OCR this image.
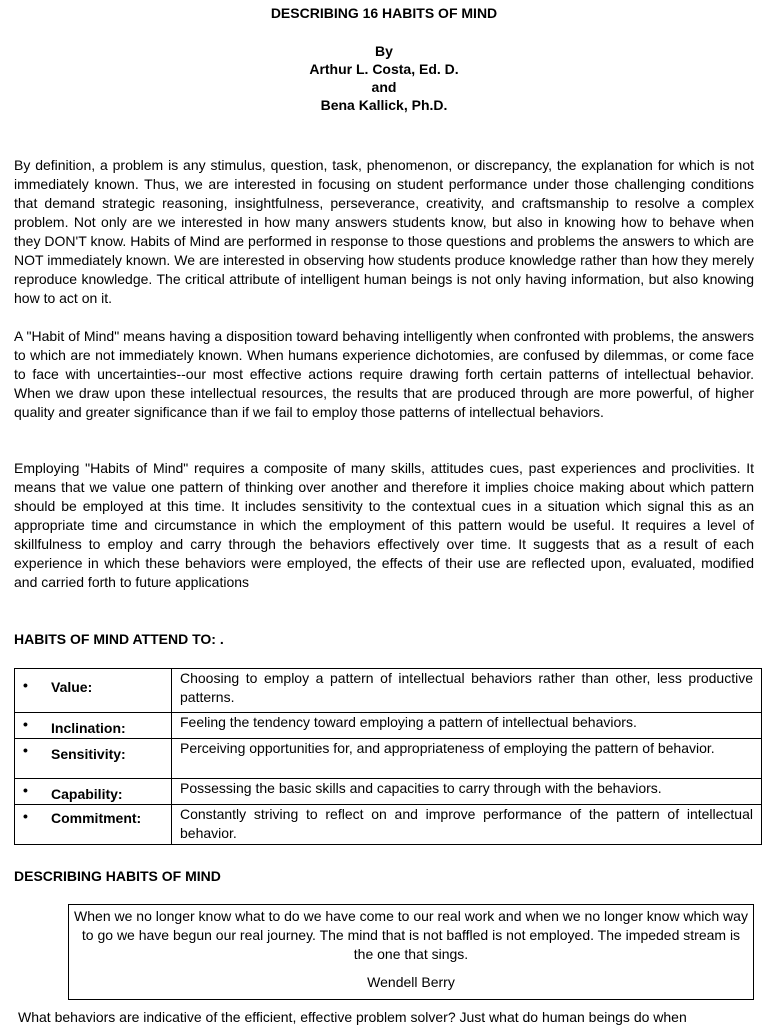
DESCRIBING 16 HABITS OF MIND
By
Arthur L. Costa, Ed. D.
and
Bena Kallick, Ph.D.

By definition, a problem is any stimulus, question, task, phenomenon, or discrepancy, the explanation for which is not immediately known. Thus, we are interested in focusing on student performance under those challenging conditions that demand strategic reasoning, insightfulness, perseverance, creativity, and craftsmanship to resolve a complex problem. Not only are we interested in how many answers students know, but also in knowing how to behave when they DON'T know. Habits of Mind are performed in response to those questions and problems the answers to which are NOT immediately known. We are interested in observing how students produce knowledge rather than how they merely reproduce knowledge. The critical attribute of intelligent human beings is not only having information, but also knowing how to act on it.

A "Habit of Mind" means having a disposition toward behaving intelligently when confronted with problems, the answers to which are not immediately known. When humans experience dichotomies, are confused by dilemmas, or come face to face with uncertainties--our most effective actions require drawing forth certain patterns of intellectual behavior. When we draw upon these intellectual resources, the results that are produced through are more powerful, of higher quality and greater significance than if we fail to employ those patterns of intellectual behaviors.

Employing "Habits of Mind" requires a composite of many skills, attitudes cues, past experiences and proclivities. It means that we value one pattern of thinking over another and therefore it implies choice making about which pattern should be employed at this time. It includes sensitivity to the contextual cues in a situation which signal this as an appropriate time and circumstance in which the employment of this pattern would be useful. It requires a level of skillfulness to employ and carry through the behaviors effectively over time. It suggests that as a result of each experience in which these behaviors were employed, the effects of their use are reflected upon, evaluated, modified and carried forth to future applications

HABITS OF MIND ATTEND TO: .
• Value:	Choosing to employ a pattern of intellectual behaviors rather than other, less productive patterns.

• Inclination:	Feeling the tendency toward employing a pattern of intellectual behaviors.

• Sensitivity:	Perceiving opportunities for, and appropriateness of employing the pattern of behavior.

• Capability:	Possessing the basic skills and capacities to carry through with the behaviors.

• Commitment:	Constantly striving to reflect on and improve performance of the pattern of intellectual behavior.
DESCRIBING HABITS OF MIND
When we no longer know what to do we have come to our real work and when we no longer know which way to go we have begun our real journey. The mind that is not baffled is not employed. The impeded stream is the one that sings.
Wendell Berry
What behaviors are indicative of the efficient, effective problem solver? Just what do human beings do when
